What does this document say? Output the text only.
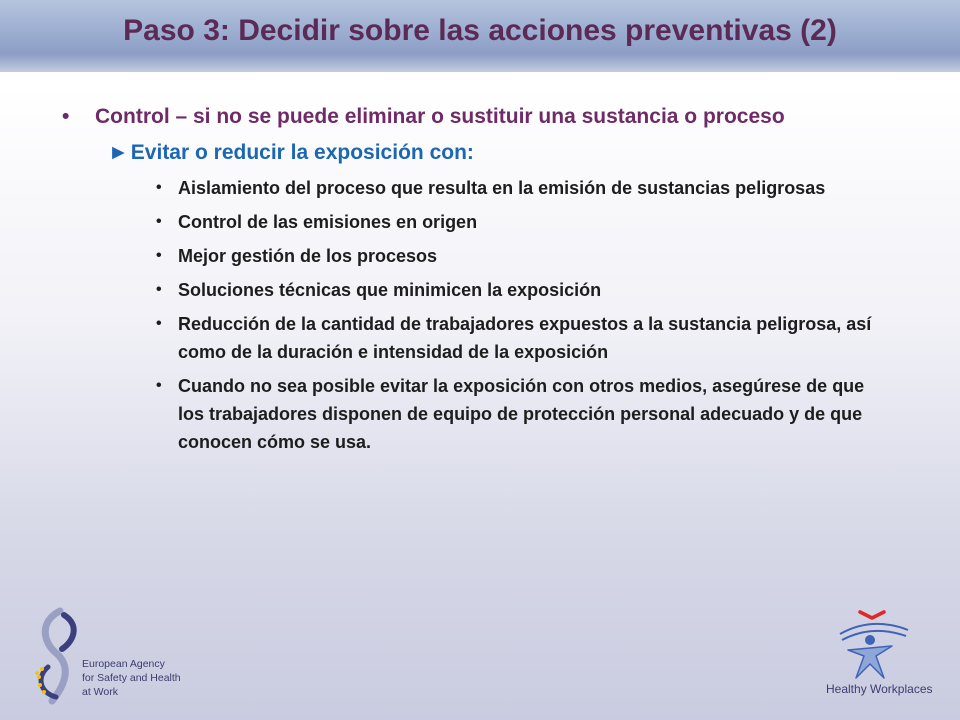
Paso 3: Decidir sobre las acciones preventivas (2)
• Control – si no se puede eliminar o sustituir una sustancia o proceso
►Evitar o reducir la exposición con:
• Aislamiento del proceso que resulta en la emisión de sustancias peligrosas
• Control de las emisiones en origen
• Mejor gestión de los procesos
• Soluciones técnicas que minimicen la exposición
• Reducción de la cantidad de trabajadores expuestos a la sustancia peligrosa, así como de la duración e intensidad de la exposición
• Cuando no sea posible evitar la exposición con otros medios, asegúrese de que los trabajadores disponen de equipo de protección personal adecuado y de que conocen cómo se usa.
European Agency
for Safety and Health
at Work	Healthy Workplaces
